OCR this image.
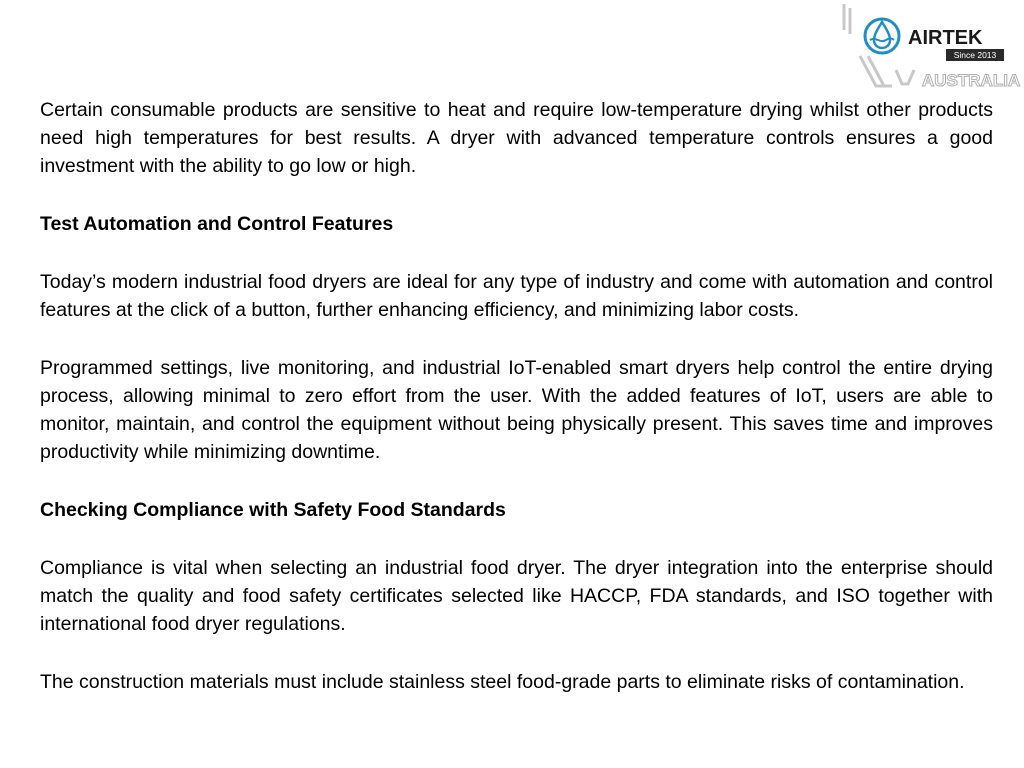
AIRTEK
Since 2013
AUSTRALIA

Certain consumable products are sensitive to heat and require low-temperature drying whilst other products need high temperatures for best results. A dryer with advanced temperature controls ensures a good investment with the ability to go low or high.

Test Automation and Control Features

Today’s modern industrial food dryers are ideal for any type of industry and come with automation and control features at the click of a button, further enhancing efficiency, and minimizing labor costs.

Programmed settings, live monitoring, and industrial IoT-enabled smart dryers help control the entire drying process, allowing minimal to zero effort from the user. With the added features of IoT, users are able to monitor, maintain, and control the equipment without being physically present. This saves time and improves productivity while minimizing downtime.

Checking Compliance with Safety Food Standards

Compliance is vital when selecting an industrial food dryer. The dryer integration into the enterprise should match the quality and food safety certificates selected like HACCP, FDA standards, and ISO together with international food dryer regulations.

The construction materials must include stainless steel food-grade parts to eliminate risks of contamination.
